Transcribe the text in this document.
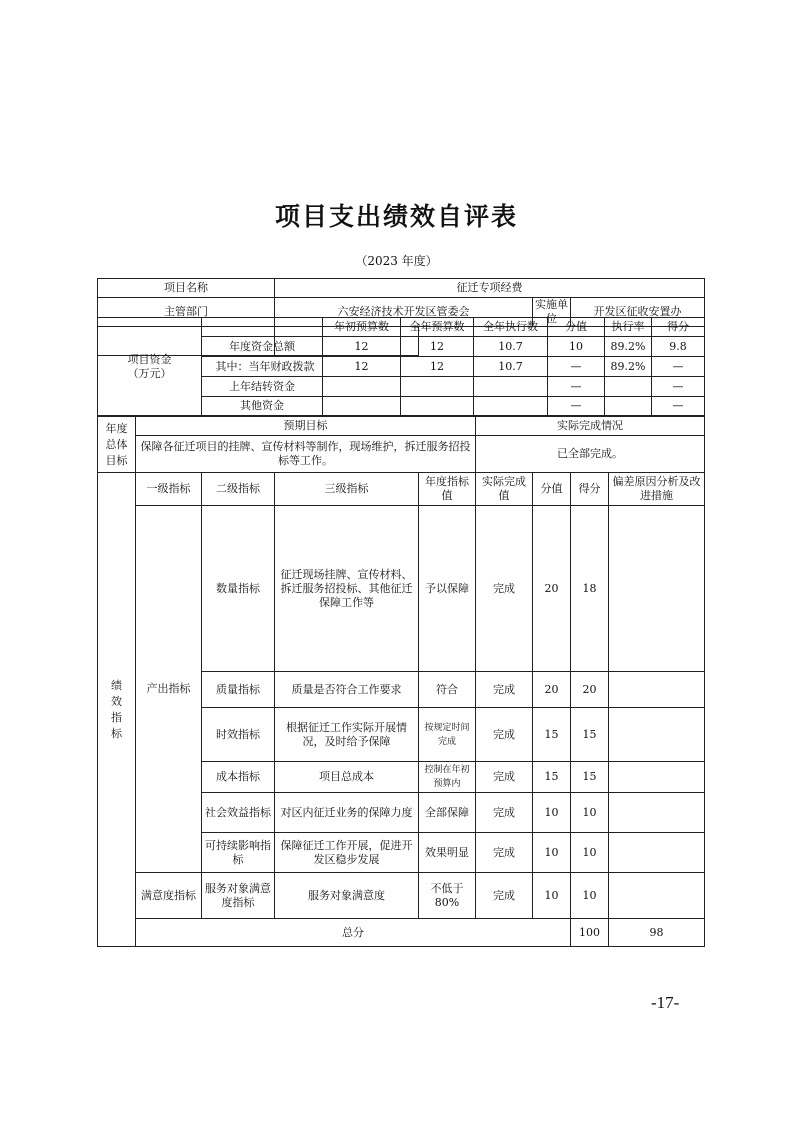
项目支出绩效自评表
（2023 年度）
项目名称	征迁专项经费		
主管部门	六安经济技术开发区管委会	实施单位	开发区征收安置办

项目资金
（万元）		年初预算数	全年预算数	全年执行数	分值	执行率	得分
	年度资金总额	12	12	10.7	10	89.2%	9.8
	其中：当年财政拨款	12	12	10.7	—	89.2%	—
	上年结转资金				—		—
	其他资金				—		—
年度
总体
目标	预期目标	实际完成情况
	保障各征迁项目的挂牌、宣传材料等制作，现场维护，拆迁服务招投标等工作。	已全部完成。
绩
效
指
标	一级指标	二级指标	三级指标	年度指标值	实际完成值	分值	得分	偏差原因分析及改进措施	
	产出指标	数量指标	征迁现场挂牌、宣传材料、拆迁服务招投标、其他征迁保障工作等	予以保障	完成	20	18		
		质量指标	质量是否符合工作要求	符合	完成	20	20		
		时效指标	根据征迁工作实际开展情况，及时给予保障	按规定时间完成	完成	15	15		
		成本指标	项目总成本	控制在年初预算内	完成	15	15		
		社会效益指标	对区内征迁业务的保障力度	全部保障	完成	10	10		
		可持续影响指标	保障征迁工作开展，促进开发区稳步发展	效果明显	完成	10	10		
	满意度指标	服务对象满意度指标	服务对象满意度	不低于80%	完成	10	10		
	总分						100	98	
-17-
